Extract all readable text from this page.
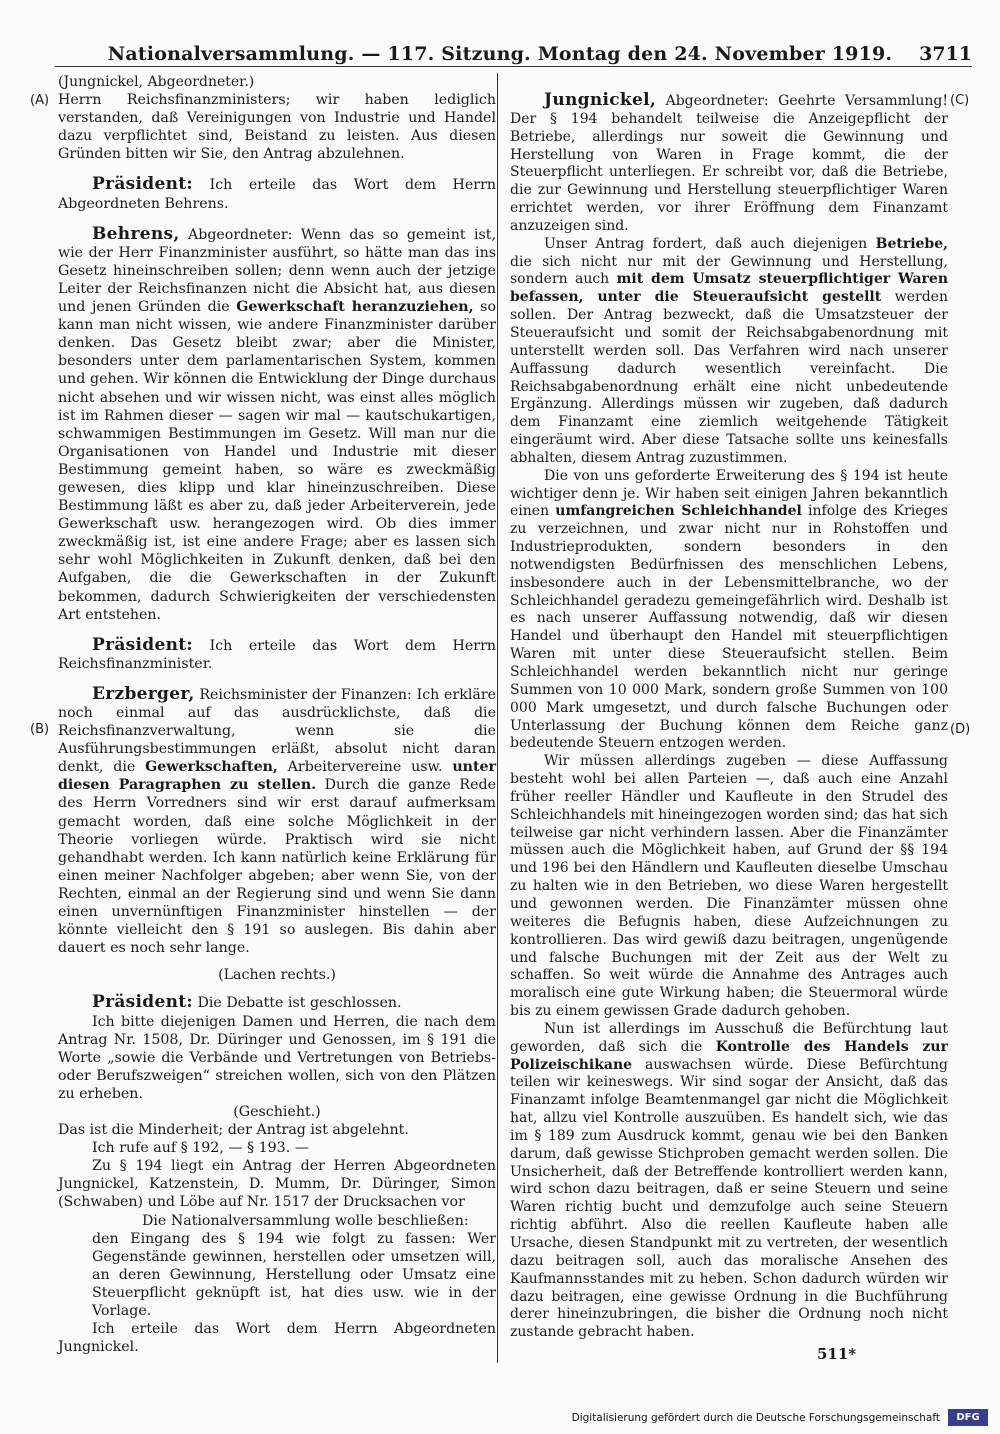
Nationalversammlung. — 117. Sitzung. Montag den 24. November 1919.	3711
(A)
(B)
(C)
(D)

(Jungnickel, Abgeordneter.)

Herrn Reichsfinanzministers; wir haben lediglich verstanden, daß Vereinigungen von Industrie und Handel dazu verpflichtet sind, Beistand zu leisten. Aus diesen Gründen bitten wir Sie, den Antrag abzulehnen.

Präsident: Ich erteile das Wort dem Herrn Abgeordneten Behrens.

Behrens, Abgeordneter: Wenn das so gemeint ist, wie der Herr Finanzminister ausführt, so hätte man das ins Gesetz hineinschreiben sollen; denn wenn auch der jetzige Leiter der Reichsfinanzen nicht die Absicht hat, aus diesen und jenen Gründen die Gewerkschaft heranzuziehen, so kann man nicht wissen, wie andere Finanzminister darüber denken. Das Gesetz bleibt zwar; aber die Minister, besonders unter dem parlamentarischen System, kommen und gehen. Wir können die Entwicklung der Dinge durchaus nicht absehen und wir wissen nicht, was einst alles möglich ist im Rahmen dieser — sagen wir mal — kautschukartigen, schwammigen Bestimmungen im Gesetz. Will man nur die Organisationen von Handel und Industrie mit dieser Bestimmung gemeint haben, so wäre es zweckmäßig gewesen, dies klipp und klar hineinzuschreiben. Diese Bestimmung läßt es aber zu, daß jeder Arbeiterverein, jede Gewerkschaft usw. herangezogen wird. Ob dies immer zweckmäßig ist, ist eine andere Frage; aber es lassen sich sehr wohl Möglichkeiten in Zukunft denken, daß bei den Aufgaben, die die Gewerkschaften in der Zukunft bekommen, dadurch Schwierigkeiten der verschiedensten Art entstehen.

Präsident: Ich erteile das Wort dem Herrn Reichsfinanzminister.

Erzberger, Reichsminister der Finanzen: Ich erkläre noch einmal auf das ausdrücklichste, daß die Reichsfinanzverwaltung, wenn sie die Ausführungsbestimmungen erläßt, absolut nicht daran denkt, die Gewerkschaften, Arbeitervereine usw. unter diesen Paragraphen zu stellen. Durch die ganze Rede des Herrn Vorredners sind wir erst darauf aufmerksam gemacht worden, daß eine solche Möglichkeit in der Theorie vorliegen würde. Praktisch wird sie nicht gehandhabt werden. Ich kann natürlich keine Erklärung für einen meiner Nachfolger abgeben; aber wenn Sie, von der Rechten, einmal an der Regierung sind und wenn Sie dann einen unvernünftigen Finanzminister hinstellen — der könnte vielleicht den § 191 so auslegen. Bis dahin aber dauert es noch sehr lange.

(Lachen rechts.)

Präsident: Die Debatte ist geschlossen.

Ich bitte diejenigen Damen und Herren, die nach dem Antrag Nr. 1508, Dr. Düringer und Genossen, im § 191 die Worte „sowie die Verbände und Vertretungen von Betriebs- oder Berufszweigen“ streichen wollen, sich von den Plätzen zu erheben.

(Geschieht.)

Das ist die Minderheit; der Antrag ist abgelehnt.

Ich rufe auf § 192, — § 193. —

Zu § 194 liegt ein Antrag der Herren Abgeordneten Jungnickel, Katzenstein, D. Mumm, Dr. Düringer, Simon (Schwaben) und Löbe auf Nr. 1517 der Drucksachen vor

Die Nationalversammlung wolle beschließen:

den Eingang des § 194 wie folgt zu fassen: Wer Gegenstände gewinnen, herstellen oder umsetzen will, an deren Gewinnung, Herstellung oder Umsatz eine Steuerpflicht geknüpft ist, hat dies usw. wie in der Vorlage.

Ich erteile das Wort dem Herrn Abgeordneten Jungnickel.

Jungnickel, Abgeordneter: Geehrte Versammlung! Der § 194 behandelt teilweise die Anzeigepflicht der Betriebe, allerdings nur soweit die Gewinnung und Herstellung von Waren in Frage kommt, die der Steuerpflicht unterliegen. Er schreibt vor, daß die Betriebe, die zur Gewinnung und Herstellung steuerpflichtiger Waren errichtet werden, vor ihrer Eröffnung dem Finanzamt anzuzeigen sind.

Unser Antrag fordert, daß auch diejenigen Betriebe, die sich nicht nur mit der Gewinnung und Herstellung, sondern auch mit dem Umsatz steuerpflichtiger Waren befassen, unter die Steueraufsicht gestellt werden sollen. Der Antrag bezweckt, daß die Umsatzsteuer der Steueraufsicht und somit der Reichsabgabenordnung mit unterstellt werden soll. Das Verfahren wird nach unserer Auffassung dadurch wesentlich vereinfacht. Die Reichsabgabenordnung erhält eine nicht unbedeutende Ergänzung. Allerdings müssen wir zugeben, daß dadurch dem Finanzamt eine ziemlich weitgehende Tätigkeit eingeräumt wird. Aber diese Tatsache sollte uns keinesfalls abhalten, diesem Antrag zuzustimmen.

Die von uns geforderte Erweiterung des § 194 ist heute wichtiger denn je. Wir haben seit einigen Jahren bekanntlich einen umfangreichen Schleichhandel infolge des Krieges zu verzeichnen, und zwar nicht nur in Rohstoffen und Industrieprodukten, sondern besonders in den notwendigsten Bedürfnissen des menschlichen Lebens, insbesondere auch in der Lebensmittelbranche, wo der Schleichhandel geradezu gemeingefährlich wird. Deshalb ist es nach unserer Auffassung notwendig, daß wir diesen Handel und überhaupt den Handel mit steuerpflichtigen Waren mit unter diese Steueraufsicht stellen. Beim Schleichhandel werden bekanntlich nicht nur geringe Summen von 10 000 Mark, sondern große Summen von 100 000 Mark umgesetzt, und durch falsche Buchungen oder Unterlassung der Buchung können dem Reiche ganz bedeutende Steuern entzogen werden.

Wir müssen allerdings zugeben — diese Auffassung besteht wohl bei allen Parteien —, daß auch eine Anzahl früher reeller Händler und Kaufleute in den Strudel des Schleichhandels mit hineingezogen worden sind; das hat sich teilweise gar nicht verhindern lassen. Aber die Finanzämter müssen auch die Möglichkeit haben, auf Grund der §§ 194 und 196 bei den Händlern und Kaufleuten dieselbe Umschau zu halten wie in den Betrieben, wo diese Waren hergestellt und gewonnen werden. Die Finanzämter müssen ohne weiteres die Befugnis haben, diese Aufzeichnungen zu kontrollieren. Das wird gewiß dazu beitragen, ungenügende und falsche Buchungen mit der Zeit aus der Welt zu schaffen. So weit würde die Annahme des Antrages auch moralisch eine gute Wirkung haben; die Steuermoral würde bis zu einem gewissen Grade dadurch gehoben.

Nun ist allerdings im Ausschuß die Befürchtung laut geworden, daß sich die Kontrolle des Handels zur Polizeischikane auswachsen würde. Diese Befürchtung teilen wir keineswegs. Wir sind sogar der Ansicht, daß das Finanzamt infolge Beamtenmangel gar nicht die Möglichkeit hat, allzu viel Kontrolle auszuüben. Es handelt sich, wie das im § 189 zum Ausdruck kommt, genau wie bei den Banken darum, daß gewisse Stichproben gemacht werden sollen. Die Unsicherheit, daß der Betreffende kontrolliert werden kann, wird schon dazu beitragen, daß er seine Steuern und seine Waren richtig bucht und demzufolge auch seine Steuern richtig abführt. Also die reellen Kaufleute haben alle Ursache, diesen Standpunkt mit zu vertreten, der wesentlich dazu beitragen soll, auch das moralische Ansehen des Kaufmannsstandes mit zu heben. Schon dadurch würden wir dazu beitragen, eine gewisse Ordnung in die Buchführung derer hineinzubringen, die bisher die Ordnung noch nicht zustande gebracht haben.

511*
Digitalisierung gefördert durch die Deutsche Forschungsgemeinschaft	DFG
